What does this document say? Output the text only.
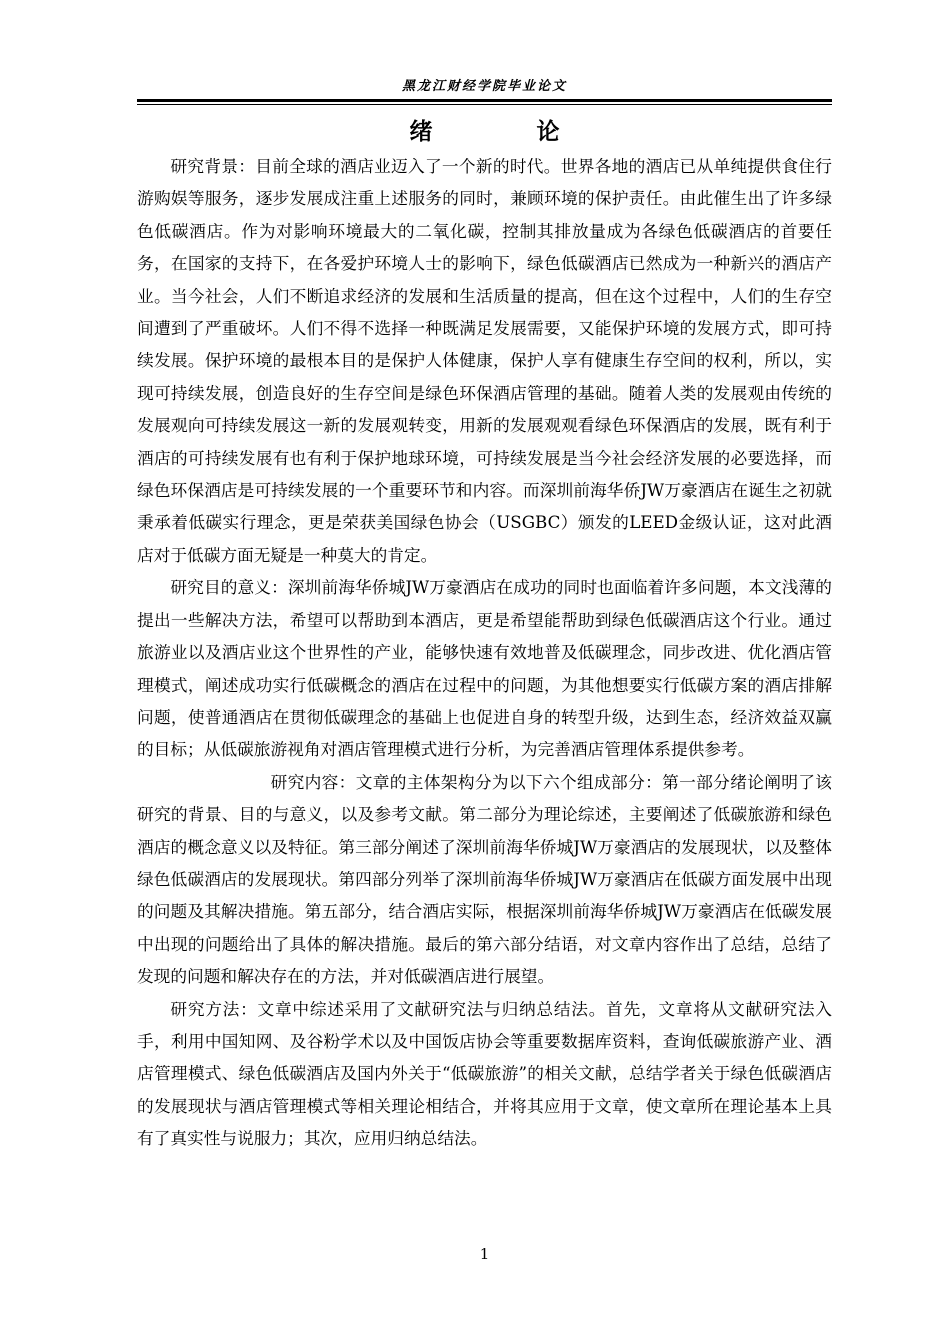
黑龙江财经学院毕业论文
绪 论

研究背景：目前全球的酒店业迈入了一个新的时代。世界各地的酒店已从单纯提供食住行游购娱等服务，逐步发展成注重上述服务的同时，兼顾环境的保护责任。由此催生出了许多绿色低碳酒店。作为对影响环境最大的二氧化碳，控制其排放量成为各绿色低碳酒店的首要任务，在国家的支持下，在各爱护环境人士的影响下，绿色低碳酒店已然成为一种新兴的酒店产业。当今社会，人们不断追求经济的发展和生活质量的提高，但在这个过程中，人们的生存空间遭到了严重破坏。人们不得不选择一种既满足发展需要，又能保护环境的发展方式，即可持续发展。保护环境的最根本目的是保护人体健康，保护人享有健康生存空间的权利，所以，实现可持续发展，创造良好的生存空间是绿色环保酒店管理的基础。随着人类的发展观由传统的发展观向可持续发展这一新的发展观转变，用新的发展观观看绿色环保酒店的发展，既有利于酒店的可持续发展有也有利于保护地球环境，可持续发展是当今社会经济发展的必要选择，而绿色环保酒店是可持续发展的一个重要环节和内容。而深圳前海华侨JW万豪酒店在诞生之初就秉承着低碳实行理念，更是荣获美国绿色协会（USGBC）颁发的LEED金级认证，这对此酒店对于低碳方面无疑是一种莫大的肯定。

研究目的意义：深圳前海华侨城JW万豪酒店在成功的同时也面临着许多问题，本文浅薄的提出一些解决方法，希望可以帮助到本酒店，更是希望能帮助到绿色低碳酒店这个行业。通过旅游业以及酒店业这个世界性的产业，能够快速有效地普及低碳理念，同步改进、优化酒店管理模式，阐述成功实行低碳概念的酒店在过程中的问题，为其他想要实行低碳方案的酒店排解问题，使普通酒店在贯彻低碳理念的基础上也促进自身的转型升级，达到生态，经济效益双赢的目标；从低碳旅游视角对酒店管理模式进行分析，为完善酒店管理体系提供参考。

研究内容：文章的主体架构分为以下六个组成部分：第一部分绪论阐明了该研究的背景、目的与意义，以及参考文献。第二部分为理论综述，主要阐述了低碳旅游和绿色酒店的概念意义以及特征。第三部分阐述了深圳前海华侨城JW万豪酒店的发展现状，以及整体绿色低碳酒店的发展现状。第四部分列举了深圳前海华侨城JW万豪酒店在低碳方面发展中出现的问题及其解决措施。第五部分，结合酒店实际，根据深圳前海华侨城JW万豪酒店在低碳发展中出现的问题给出了具体的解决措施。最后的第六部分结语，对文章内容作出了总结，总结了发现的问题和解决存在的方法，并对低碳酒店进行展望。

研究方法：文章中综述采用了文献研究法与归纳总结法。首先，文章将从文献研究法入手，利用中国知网、及谷粉学术以及中国饭店协会等重要数据库资料，查询低碳旅游产业、酒店管理模式、绿色低碳酒店及国内外关于“低碳旅游”的相关文献，总结学者关于绿色低碳酒店的发展现状与酒店管理模式等相关理论相结合，并将其应用于文章，使文章所在理论基本上具有了真实性与说服力；其次，应用归纳总结法。

1
